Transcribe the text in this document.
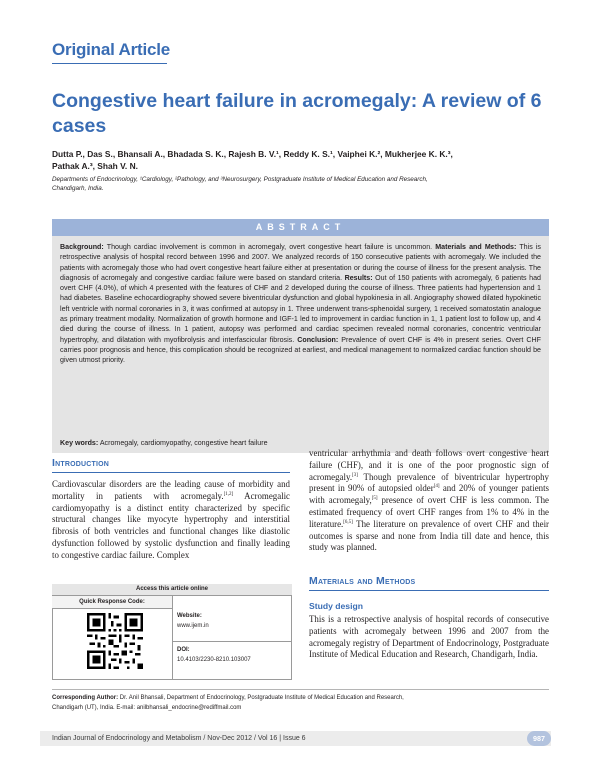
Original Article
Congestive heart failure in acromegaly: A review of 6 cases
Dutta P., Das S., Bhansali A., Bhadada S. K., Rajesh B. V.¹, Reddy K. S.¹, Vaiphei K.², Mukherjee K. K.³,
Pathak A.³, Shah V. N.
Departments of Endocrinology, ¹Cardiology, ²Pathology, and ³Neurosurgery, Postgraduate Institute of Medical Education and Research,
Chandigarh, India.
ABSTRACT
Background: Though cardiac involvement is common in acromegaly, overt congestive heart failure is uncommon. Materials and Methods: This is retrospective analysis of hospital record between 1996 and 2007. We analyzed records of 150 consecutive patients with acromegaly. We included the patients with acromegaly those who had overt congestive heart failure either at presentation or during the course of illness for the present analysis. The diagnosis of acromegaly and congestive cardiac failure were based on standard criteria. Results: Out of 150 patients with acromegaly, 6 patients had overt CHF (4.0%), of which 4 presented with the features of CHF and 2 developed during the course of illness. Three patients had hypertension and 1 had diabetes. Baseline echocardiography showed severe biventricular dysfunction and global hypokinesia in all. Angiography showed dilated hypokinetic left ventricle with normal coronaries in 3, it was confirmed at autopsy in 1. Three underwent trans-sphenoidal surgery, 1 received somatostatin analogue as primary treatment modality. Normalization of growth hormone and IGF-1 led to improvement in cardiac function in 1, 1 patient lost to follow up, and 4 died during the course of illness. In 1 patient, autopsy was performed and cardiac specimen revealed normal coronaries, concentric ventricular hypertrophy, and dilatation with myofibrolysis and interfascicular fibrosis. Conclusion: Prevalence of overt CHF is 4% in present series. Overt CHF carries poor prognosis and hence, this complication should be recognized at earliest, and medical management to normalized cardiac function should be given utmost priority.
Key words: Acromegaly, cardiomyopathy, congestive heart failure
Introduction
Cardiovascular disorders are the leading cause of morbidity and mortality in patients with acromegaly.[1,2] Acromegalic cardiomyopathy is a distinct entity characterized by specific structural changes like myocyte hypertrophy and interstitial fibrosis of both ventricles and functional changes like diastolic dysfunction followed by systolic dysfunction and finally leading to congestive cardiac failure. Complex
Access this article online
Quick Response Code:
Website:
www.ijem.in
DOI:
10.4103/2230-8210.103007
ventricular arrhythmia and death follows overt congestive heart failure (CHF), and it is one of the poor prognostic sign of acromegaly.[3] Though prevalence of biventricular hypertrophy present in 90% of autopsied older[4] and 20% of younger patients with acromegaly,[5] presence of overt CHF is less common. The estimated frequency of overt CHF ranges from 1% to 4% in the literature.[6,5] The literature on prevalence of overt CHF and their outcomes is sparse and none from India till date and hence, this study was planned.
Materials and Methods
Study design
This is a retrospective analysis of hospital records of consecutive patients with acromegaly between 1996 and 2007 from the acromegaly registry of Department of Endocrinology, Postgraduate Institute of Medical Education and Research, Chandigarh, India.
Corresponding Author: Dr. Anil Bhansali, Department of Endocrinology, Postgraduate Institute of Medical Education and Research,
Chandigarh (UT), India. E-mail: anilbhansali_endocrine@rediffmail.com
Indian Journal of Endocrinology and Metabolism / Nov-Dec 2012 / Vol 16 | Issue 6	987
